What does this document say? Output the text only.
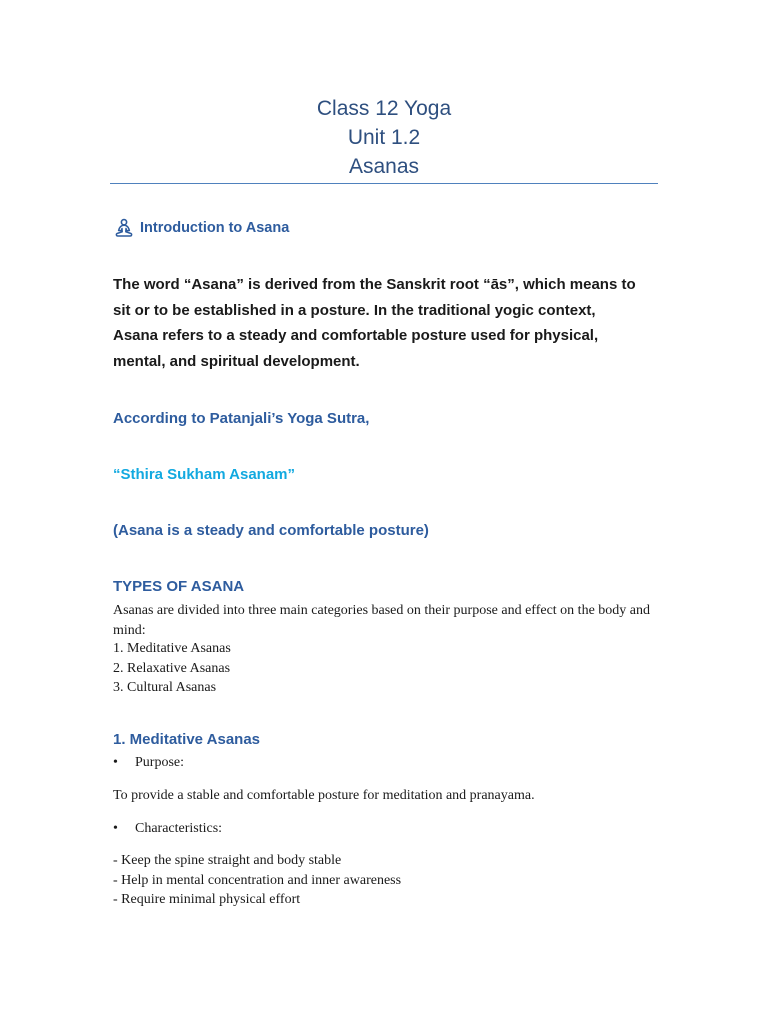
Class 12 Yoga
Unit 1.2
Asanas
Introduction to Asana
The word “Asana” is derived from the Sanskrit root “ās”, which means to
sit or to be established in a posture. In the traditional yogic context,
Asana refers to a steady and comfortable posture used for physical,
mental, and spiritual development.

According to Patanjali’s Yoga Sutra,

“Sthira Sukham Asanam”

(Asana is a steady and comfortable posture)

TYPES OF ASANA

Asanas are divided into three main categories based on their purpose and effect on the body and mind:

1. Meditative Asanas
2. Relaxative Asanas
3. Cultural Asanas

1. Meditative Asanas

•	Purpose:

To provide a stable and comfortable posture for meditation and pranayama.

•	Characteristics:
- Keep the spine straight and body stable
- Help in mental concentration and inner awareness
- Require minimal physical effort
